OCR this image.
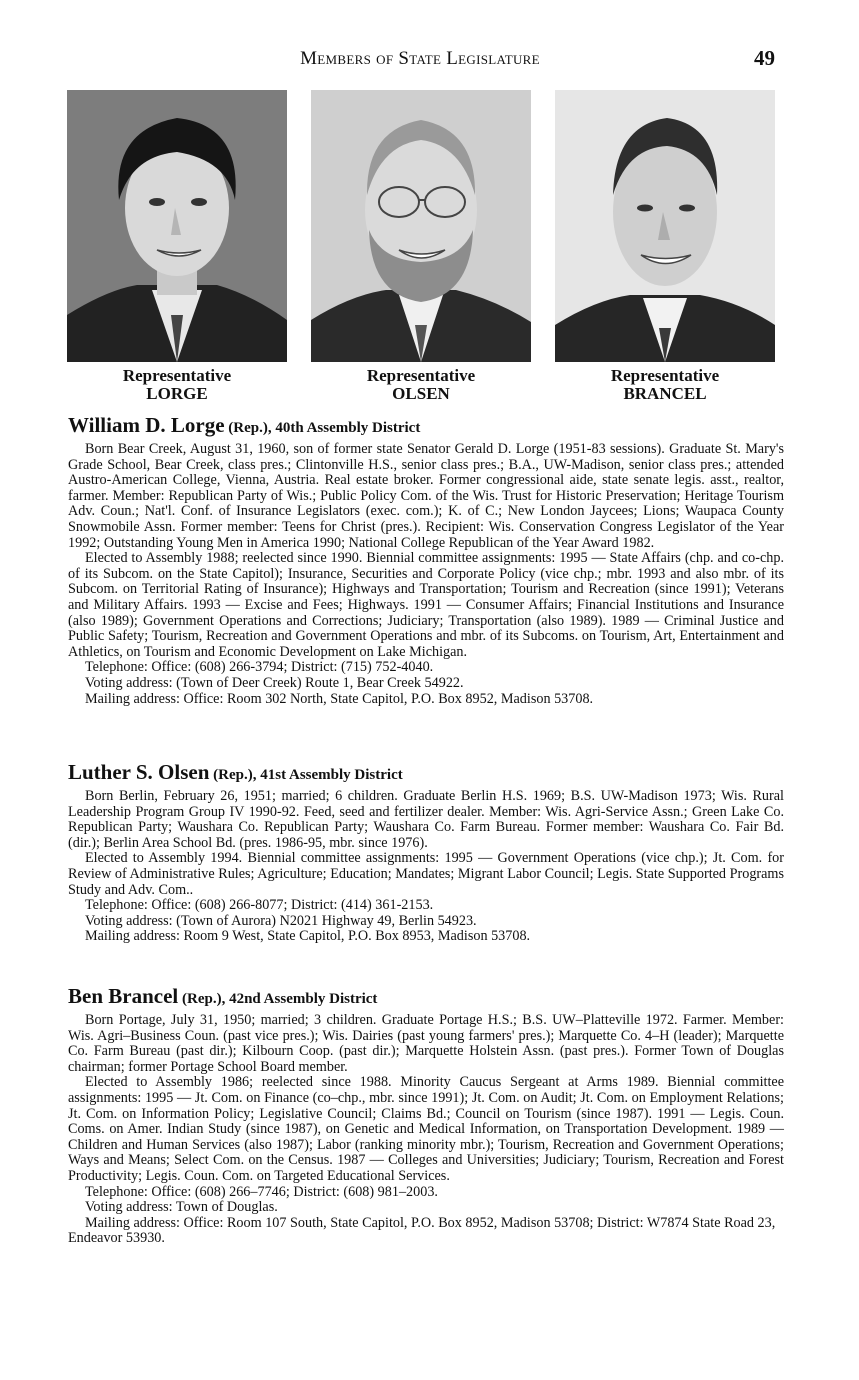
Members of State Legislature	49
Representative
LORGE
Representative
OLSEN
Representative
BRANCEL
William D. Lorge (Rep.), 40th Assembly District

Born Bear Creek, August 31, 1960, son of former state Senator Gerald D. Lorge (1951-83 sessions). Graduate St. Mary's Grade School, Bear Creek, class pres.; Clintonville H.S., senior class pres.; B.A., UW-Madison, senior class pres.; attended Austro-American College, Vienna, Austria. Real estate broker. Former congressional aide, state senate legis. asst., realtor, farmer. Member: Republican Party of Wis.; Public Policy Com. of the Wis. Trust for Historic Preservation; Heritage Tourism Adv. Coun.; Nat'l. Conf. of Insurance Legislators (exec. com.); K. of C.; New London Jaycees; Lions; Waupaca County Snowmobile Assn. Former member: Teens for Christ (pres.). Recipient: Wis. Conservation Congress Legislator of the Year 1992; Outstanding Young Men in America 1990; National College Republican of the Year Award 1982.

Elected to Assembly 1988; reelected since 1990. Biennial committee assignments: 1995 — State Affairs (chp. and co-chp. of its Subcom. on the State Capitol); Insurance, Securities and Corporate Policy (vice chp.; mbr. 1993 and also mbr. of its Subcom. on Territorial Rating of Insurance); Highways and Transportation; Tourism and Recreation (since 1991); Veterans and Military Affairs. 1993 — Excise and Fees; Highways. 1991 — Consumer Affairs; Financial Institutions and Insurance (also 1989); Government Operations and Corrections; Judiciary; Transportation (also 1989). 1989 — Criminal Justice and Public Safety; Tourism, Recreation and Government Operations and mbr. of its Subcoms. on Tourism, Art, Entertainment and Athletics, on Tourism and Economic Development on Lake Michigan.

Telephone: Office: (608) 266-3794; District: (715) 752-4040.

Voting address: (Town of Deer Creek) Route 1, Bear Creek 54922.

Mailing address: Office: Room 302 North, State Capitol, P.O. Box 8952, Madison 53708.

Luther S. Olsen (Rep.), 41st Assembly District

Born Berlin, February 26, 1951; married; 6 children. Graduate Berlin H.S. 1969; B.S. UW-Madison 1973; Wis. Rural Leadership Program Group IV 1990-92. Feed, seed and fertilizer dealer. Member: Wis. Agri-Service Assn.; Green Lake Co. Republican Party; Waushara Co. Republican Party; Waushara Co. Farm Bureau. Former member: Waushara Co. Fair Bd. (dir.); Berlin Area School Bd. (pres. 1986-95, mbr. since 1976).

Elected to Assembly 1994. Biennial committee assignments: 1995 — Government Operations (vice chp.); Jt. Com. for Review of Administrative Rules; Agriculture; Education; Mandates; Migrant Labor Council; Legis. State Supported Programs Study and Adv. Com..

Telephone: Office: (608) 266-8077; District: (414) 361-2153.

Voting address: (Town of Aurora) N2021 Highway 49, Berlin 54923.

Mailing address: Room 9 West, State Capitol, P.O. Box 8953, Madison 53708.

Ben Brancel (Rep.), 42nd Assembly District

Born Portage, July 31, 1950; married; 3 children. Graduate Portage H.S.; B.S. UW–Platteville 1972. Farmer. Member: Wis. Agri–Business Coun. (past vice pres.); Wis. Dairies (past young farmers' pres.); Marquette Co. 4–H (leader); Marquette Co. Farm Bureau (past dir.); Kilbourn Coop. (past dir.); Marquette Holstein Assn. (past pres.). Former Town of Douglas chairman; former Portage School Board member.

Elected to Assembly 1986; reelected since 1988. Minority Caucus Sergeant at Arms 1989. Biennial committee assignments: 1995 — Jt. Com. on Finance (co–chp., mbr. since 1991); Jt. Com. on Audit; Jt. Com. on Employment Relations; Jt. Com. on Information Policy; Legislative Council; Claims Bd.; Council on Tourism (since 1987). 1991 — Legis. Coun. Coms. on Amer. Indian Study (since 1987), on Genetic and Medical Information, on Transportation Development. 1989 — Children and Human Services (also 1987); Labor (ranking minority mbr.); Tourism, Recreation and Government Operations; Ways and Means; Select Com. on the Census. 1987 — Colleges and Universities; Judiciary; Tourism, Recreation and Forest Productivity; Legis. Coun. Com. on Targeted Educational Services.

Telephone: Office: (608) 266–7746; District: (608) 981–2003.

Voting address: Town of Douglas.

Mailing address: Office: Room 107 South, State Capitol, P.O. Box 8952, Madison 53708; District: W7874 State Road 23, Endeavor 53930.
